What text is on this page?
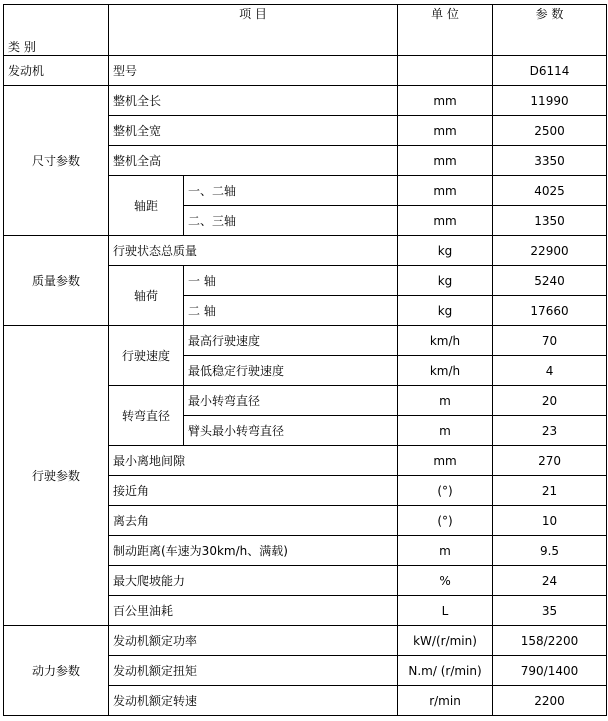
类 别	项 目		单 位	参 数
发动机	型号			D6114
尺寸参数	整机全长		mm	11990
	整机全宽		mm	2500
	整机全高		mm	3350
	轴距	一、二轴	mm	4025
		二、三轴	mm	1350
质量参数	行驶状态总质量		kg	22900
	轴荷	一 轴	kg	5240
		二 轴	kg	17660
行驶参数	行驶速度	最高行驶速度	km/h	70
		最低稳定行驶速度	km/h	4
	转弯直径	最小转弯直径	m	20
		臂头最小转弯直径	m	23
	最小离地间隙		mm	270
	接近角		(°)	21
	离去角		(°)	10
	制动距离(车速为30km/h、满载)		m	9.5
	最大爬坡能力		%	24
	百公里油耗		L	35
动力参数	发动机额定功率		kW/(r/min)	158/2200
	发动机额定扭矩		N.m/ (r/min)	790/1400
	发动机额定转速		r/min	2200
